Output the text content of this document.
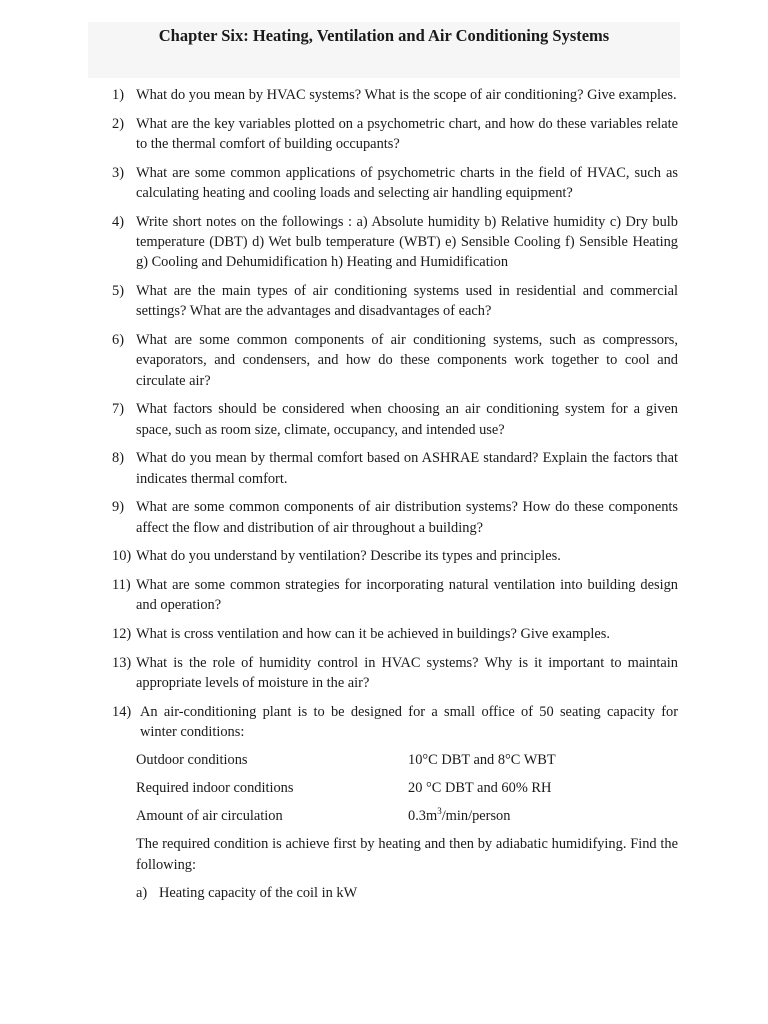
Chapter Six: Heating, Ventilation and Air Conditioning Systems
1) What do you mean by HVAC systems? What is the scope of air conditioning? Give examples.
2) What are the key variables plotted on a psychometric chart, and how do these variables relate to the thermal comfort of building occupants?
3) What are some common applications of psychometric charts in the field of HVAC, such as calculating heating and cooling loads and selecting air handling equipment?
4) Write short notes on the followings : a) Absolute humidity b) Relative humidity c) Dry bulb temperature (DBT) d) Wet bulb temperature (WBT) e) Sensible Cooling f) Sensible Heating g) Cooling and Dehumidification h) Heating and Humidification
5) What are the main types of air conditioning systems used in residential and commercial settings? What are the advantages and disadvantages of each?
6) What are some common components of air conditioning systems, such as compressors, evaporators, and condensers, and how do these components work together to cool and circulate air?
7) What factors should be considered when choosing an air conditioning system for a given space, such as room size, climate, occupancy, and intended use?
8) What do you mean by thermal comfort based on ASHRAE standard? Explain the factors that indicates thermal comfort.
9) What are some common components of air distribution systems? How do these components affect the flow and distribution of air throughout a building?
10) What do you understand by ventilation? Describe its types and principles.
11) What are some common strategies for incorporating natural ventilation into building design and operation?
12) What is cross ventilation and how can it be achieved in buildings? Give examples.
13) What is the role of humidity control in HVAC systems? Why is it important to maintain appropriate levels of moisture in the air?
14) An air-conditioning plant is to be designed for a small office of 50 seating capacity for winter conditions:
Outdoor conditions	10°C DBT and 8°C WBT
Required indoor conditions	20 °C DBT and 60% RH
Amount of air circulation	$0.3m^3/\min$/person
The required condition is achieve first by heating and then by adiabatic humidifying. Find the following:
a) Heating capacity of the coil in kW
